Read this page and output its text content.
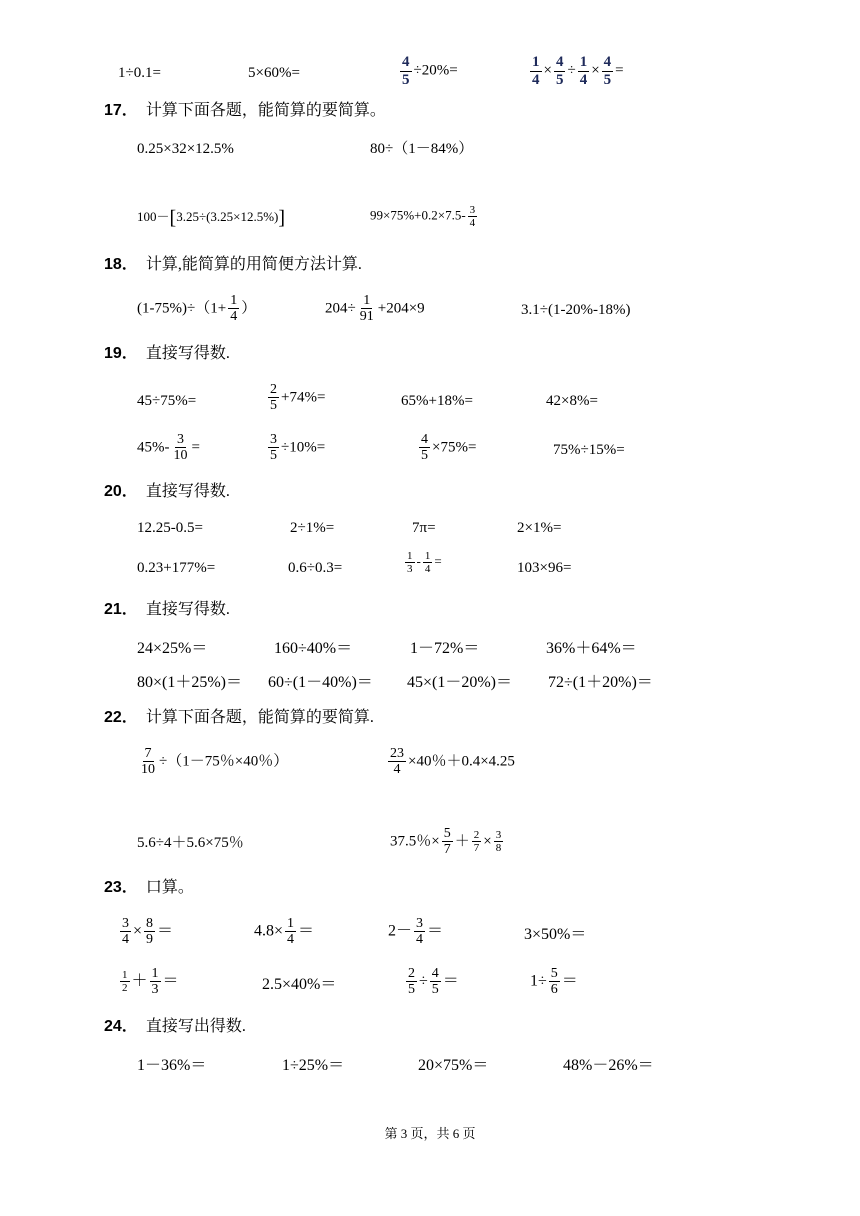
1÷0.1=	5×60%=	$\frac{4}{5} \div 20\%=$	$\frac{1}{4} \times \frac{4}{5} \div \frac{1}{4} \times \frac{4}{5}$ =
17． 计算下面各题，能简算的要简算。
0.25×32×12.5%	80÷（1－84%）
100－[3.25÷(3.25×12.5%)]	$99\times 75\%+0.2\times 7.5- \frac{3}{4}$
18． 计算,能简算的用简便方法计算.
$(1-75\%)\div(1+ \frac{1}{4}$ ）	$204\div \frac{1}{91} +204\times 9$	3.1÷(1-20%-18%)
19． 直接写得数.
45÷75%=	$\frac{2}{5} +74\%=$	65%+18%=	42×8%=
$45\%- \frac{3}{10}$ =	$\frac{3}{5} \div 10\%=$	$\frac{4}{5} \times 75\%=$	75%÷15%=
20． 直接写得数.
12.25-0.5=	2÷1%=	7π=	2×1%=
0.23+177%=	0.6÷0.3=	$\frac{1}{3} - \frac{1}{4}$ =	103×96=
21． 直接写得数.
24×25%＝	160÷40%＝	1－72%＝	36%＋64%＝
80×(1＋25%)＝ 60÷(1－40%)＝ 45×(1－20%)＝ 72÷(1＋20%)＝
22． 计算下面各题，能简算的要简算.
$\frac{7}{10} \div(1-75$％×40％）	$\frac{23}{4} \times 40$％＋0.4×4.25
5.6÷4＋5.6×75％	37.5％× $\frac{5}{7} + \frac{2}{7} \times \frac{3}{8}$
23． 口算。
$\frac{3}{4} \times \frac{8}{9}$ ＝	$4.8\times \frac{1}{4}$ ＝	$2- \frac{3}{4}$ ＝	3×50%＝
$\frac{1}{2} + \frac{1}{3}$ ＝	2.5×40%＝	$\frac{2}{5} \div \frac{4}{5}$ ＝	$1\div \frac{5}{6}$ ＝
24． 直接写出得数.
1－36%＝	1÷25%＝	20×75%＝	48%－26%＝
第 3 页，共 6 页
